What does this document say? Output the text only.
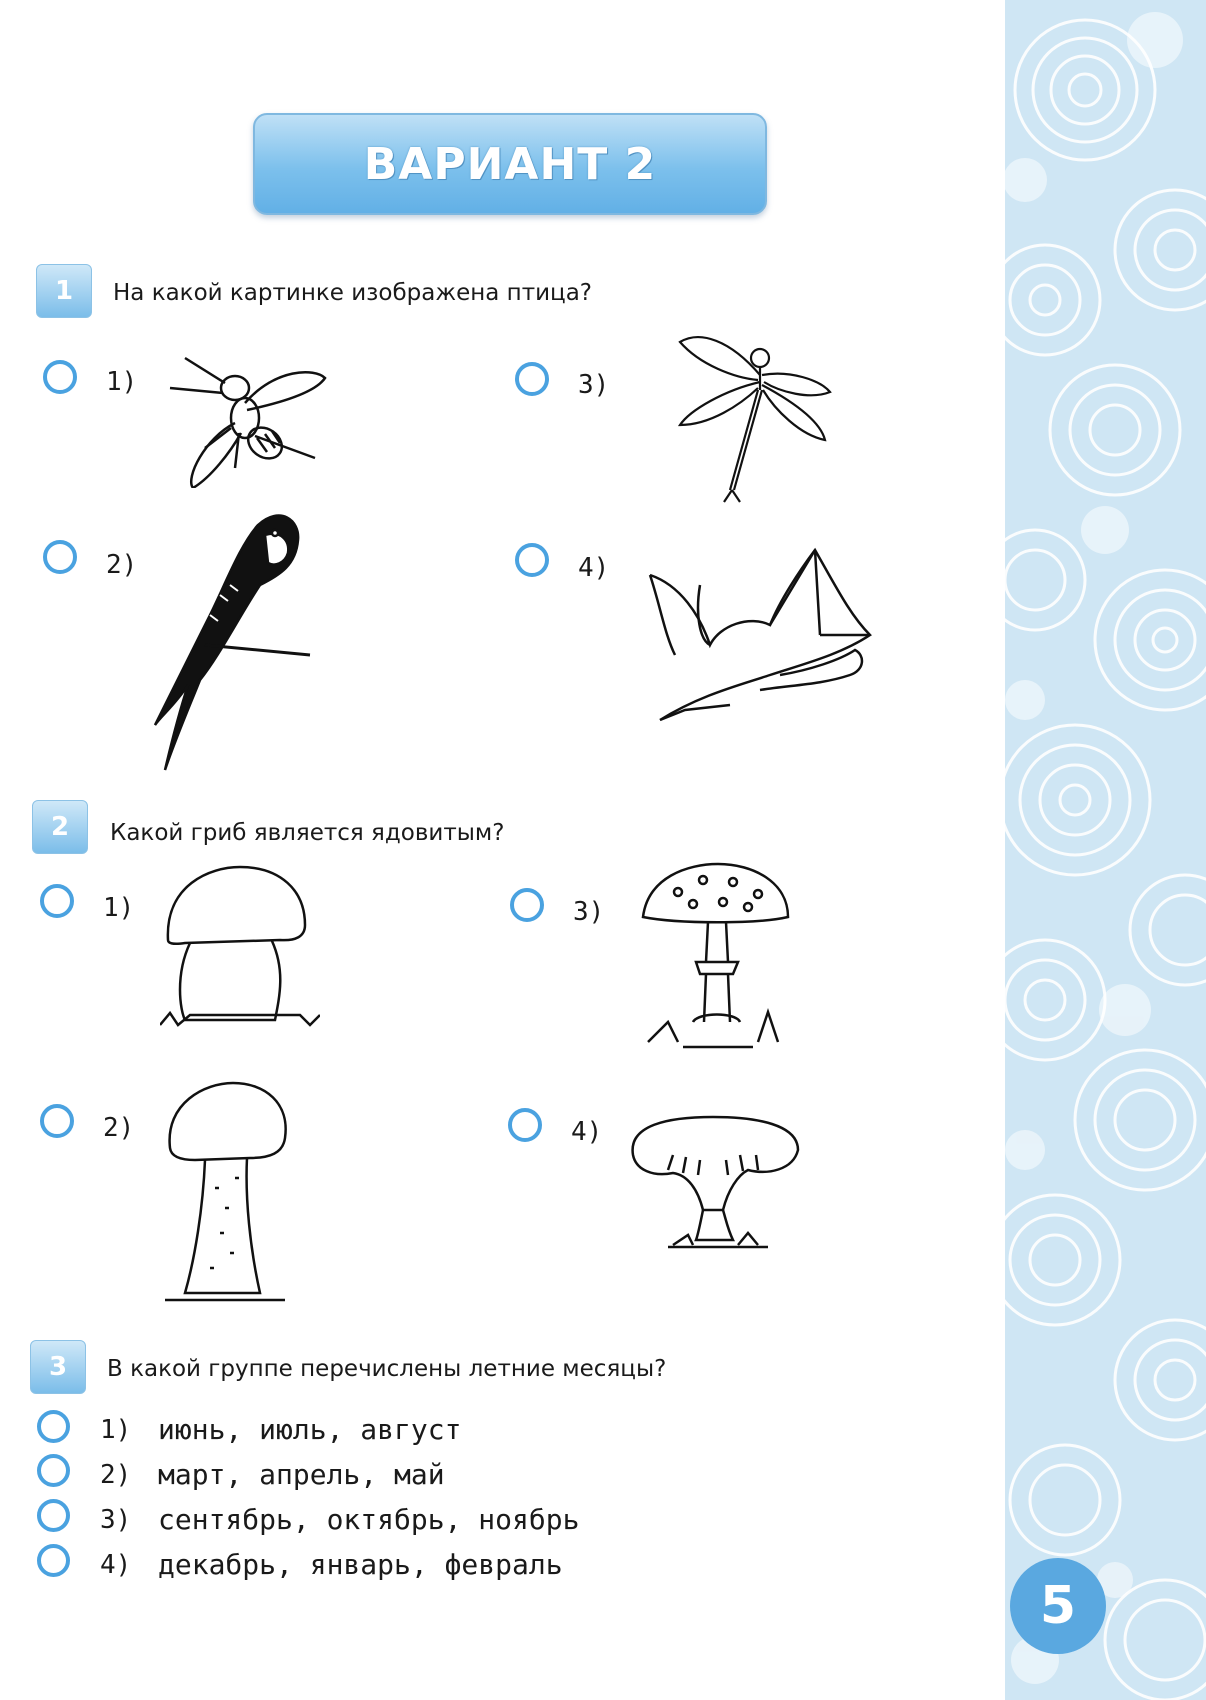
ВАРИАНТ 2
1	На какой картинке изображена птица?
1)
2)
3)
4)
2	Какой гриб является ядовитым?
1)
2)
3)
4)
3	В какой группе перечислены летние месяцы?
1) июнь, июль, август
2) март, апрель, май
3) сентябрь, октябрь, ноябрь
4) декабрь, январь, февраль
5
